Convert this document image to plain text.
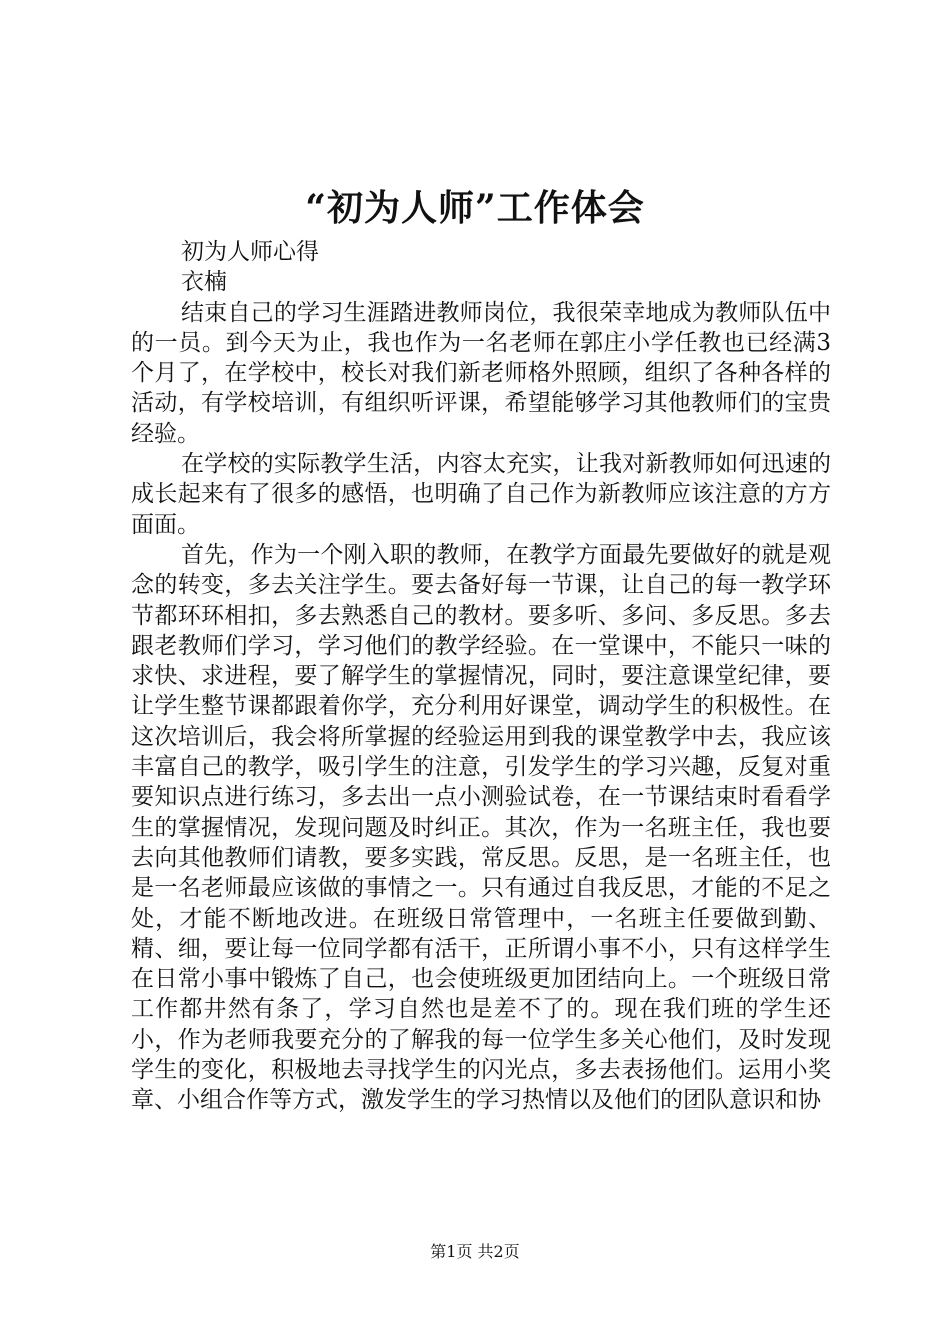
“初为人师”工作体会

初为人师心得

衣楠

结束自己的学习生涯踏进教师岗位，我很荣幸地成为教师队伍中的一员。到今天为止，我也作为一名老师在郭庄小学任教也已经满3个月了，在学校中，校长对我们新老师格外照顾，组织了各种各样的活动，有学校培训，有组织听评课，希望能够学习其他教师们的宝贵经验。

在学校的实际教学生活，内容太充实，让我对新教师如何迅速的成长起来有了很多的感悟，也明确了自己作为新教师应该注意的方方面面。

首先，作为一个刚入职的教师，在教学方面最先要做好的就是观念的转变，多去关注学生。要去备好每一节课，让自己的每一教学环节都环环相扣，多去熟悉自己的教材。要多听、多问、多反思。多去跟老教师们学习，学习他们的教学经验。在一堂课中，不能只一味的求快、求进程，要了解学生的掌握情况，同时，要注意课堂纪律，要让学生整节课都跟着你学，充分利用好课堂，调动学生的积极性。在这次培训后，我会将所掌握的经验运用到我的课堂教学中去，我应该丰富自己的教学，吸引学生的注意，引发学生的学习兴趣，反复对重要知识点进行练习，多去出一点小测验试卷，在一节课结束时看看学生的掌握情况，发现问题及时纠正。其次，作为一名班主任，我也要去向其他教师们请教，要多实践，常反思。反思，是一名班主任，也是一名老师最应该做的事情之一。只有通过自我反思，才能的不足之处，才能不断地改进。在班级日常管理中，一名班主任要做到勤、精、细，要让每一位同学都有活干，正所谓小事不小，只有这样学生在日常小事中锻炼了自己，也会使班级更加团结向上。一个班级日常工作都井然有条了，学习自然也是差不了的。现在我们班的学生还小，作为老师我要充分的了解我的每一位学生多关心他们，及时发现学生的变化，积极地去寻找学生的闪光点，多去表扬他们。运用小奖章、小组合作等方式，激发学生的学习热情以及他们的团队意识和协

第1页 共2页
